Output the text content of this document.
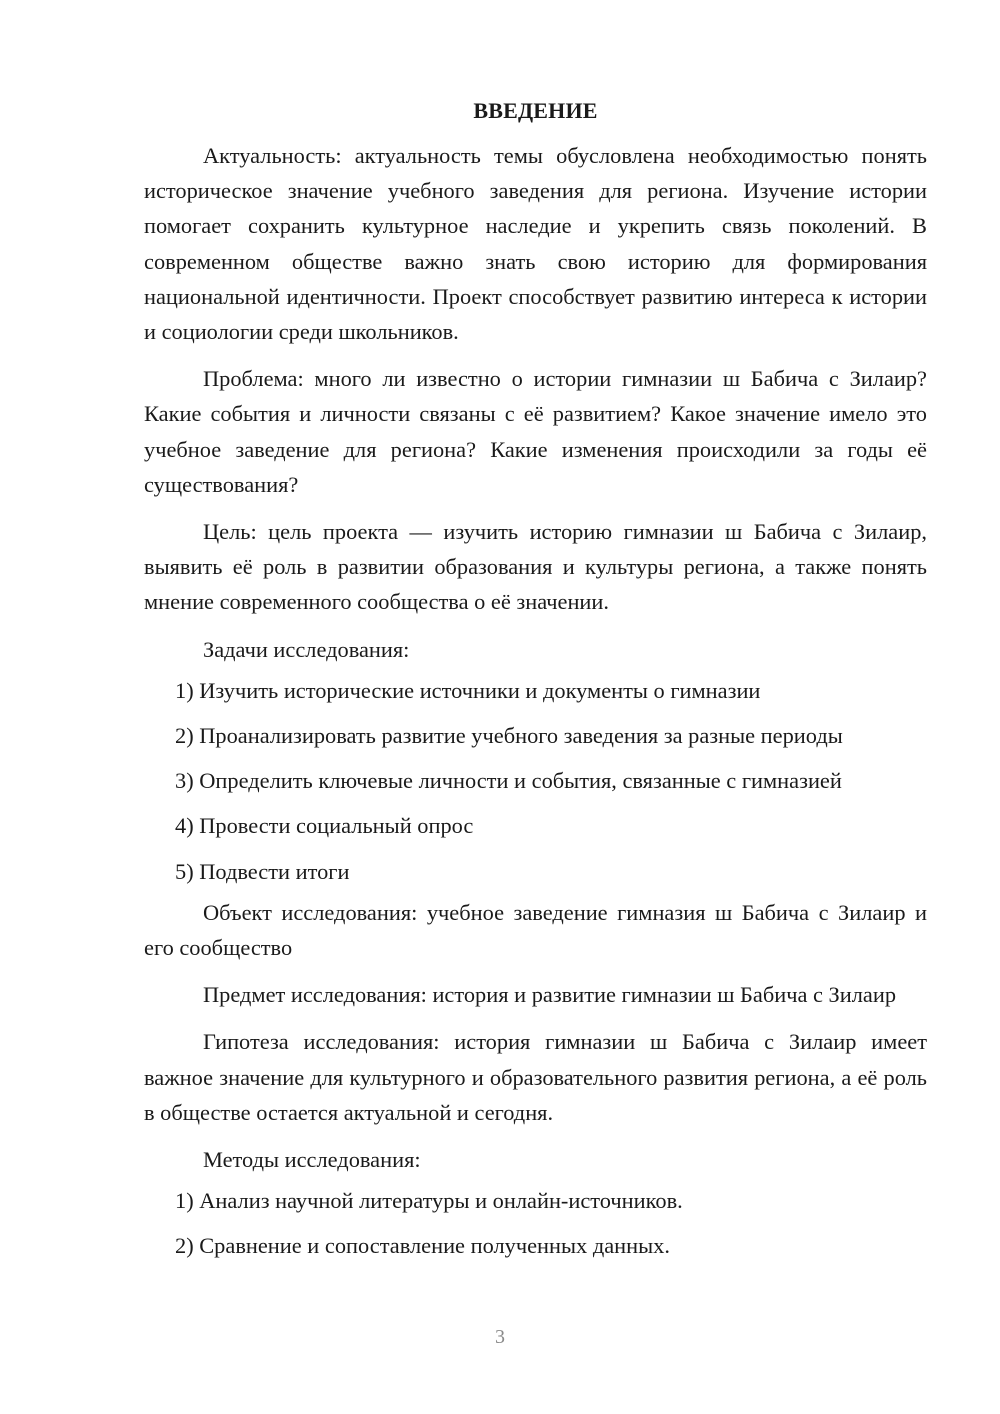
ВВЕДЕНИЕ

Актуальность: актуальность темы обусловлена необходимостью понять историческое значение учебного заведения для региона. Изучение истории помогает сохранить культурное наследие и укрепить связь поколений. В современном обществе важно знать свою историю для формирования национальной идентичности. Проект способствует развитию интереса к истории и социологии среди школьников.

Проблема: много ли известно о истории гимназии ш Бабича с Зилаир? Какие события и личности связаны с её развитием? Какое значение имело это учебное заведение для региона? Какие изменения происходили за годы её существования?

Цель: цель проекта — изучить историю гимназии ш Бабича с Зилаир, выявить её роль в развитии образования и культуры региона, а также понять мнение современного сообщества о её значении.

Задачи исследования:

1) Изучить исторические источники и документы о гимназии
2) Проанализировать развитие учебного заведения за разные периоды
3) Определить ключевые личности и события, связанные с гимназией
4) Провести социальный опрос
5) Подвести итоги

Объект исследования: учебное заведение гимназия ш Бабича с Зилаир и его сообщество

Предмет исследования: история и развитие гимназии ш Бабича с Зилаир

Гипотеза исследования: история гимназии ш Бабича с Зилаир имеет важное значение для культурного и образовательного развития региона, а её роль в обществе остается актуальной и сегодня.

Методы исследования:

1) Анализ научной литературы и онлайн-источников.
2) Сравнение и сопоставление полученных данных.
3
